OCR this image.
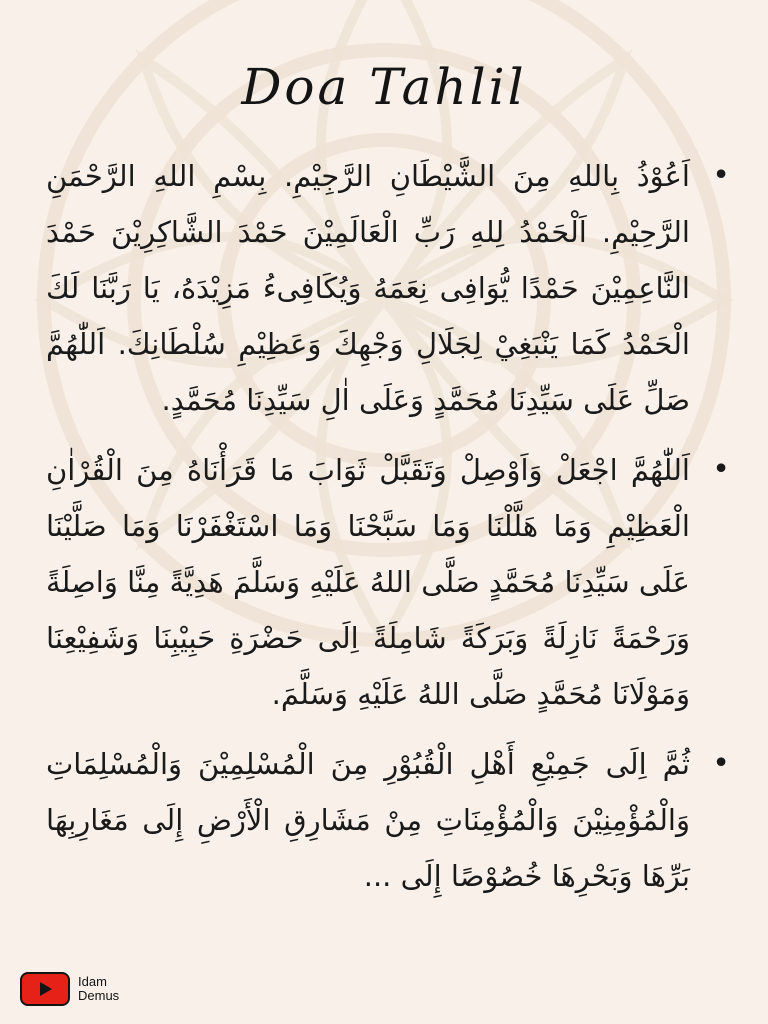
Doa Tahlil
اَعُوْذُ بِاللهِ مِنَ الشَّيْطَانِ الرَّجِيْمِ. بِسْمِ اللهِ الرَّحْمَنِ الرَّحِيْمِ. اَلْحَمْدُ لِلهِ رَبِّ الْعَالَمِيْنَ حَمْدَ الشَّاكِرِيْنَ حَمْدَ النَّاعِمِيْنَ حَمْدًا يُّوَافِى نِعَمَهُ وَيُكَافِىءُ مَزِيْدَهُ، يَا رَبَّنَا لَكَ الْحَمْدُ كَمَا يَنْبَغِيْ لِجَلَالِ وَجْهِكَ وَعَظِيْمِ سُلْطَانِكَ. اَللّٰهُمَّ صَلِّ عَلَى سَيِّدِنَا مُحَمَّدٍ وَعَلَى اٰلِ سَيِّدِنَا مُحَمَّدٍ.
•
اَللّٰهُمَّ اجْعَلْ وَاَوْصِلْ وَتَقَبَّلْ ثَوَابَ مَا قَرَأْنَاهُ مِنَ الْقُرْاٰنِ الْعَظِيْمِ وَمَا هَلَّلْنَا وَمَا سَبَّحْنَا وَمَا اسْتَغْفَرْنَا وَمَا صَلَّيْنَا عَلَى سَيِّدِنَا مُحَمَّدٍ صَلَّى اللهُ عَلَيْهِ وَسَلَّمَ هَدِيَّةً مِنَّا وَاصِلَةً وَرَحْمَةً نَازِلَةً وَبَرَكَةً شَامِلَةً اِلَى حَضْرَةِ حَبِيْبِنَا وَشَفِيْعِنَا وَمَوْلَانَا مُحَمَّدٍ صَلَّى اللهُ عَلَيْهِ وَسَلَّمَ.
•
ثُمَّ اِلَى جَمِيْعِ أَهْلِ الْقُبُوْرِ مِنَ الْمُسْلِمِيْنَ وَالْمُسْلِمَاتِ وَالْمُؤْمِنِيْنَ وَالْمُؤْمِنَاتِ مِنْ مَشَارِقِ الْأَرْضِ إِلَى مَغَارِبِهَا بَرِّهَا وَبَحْرِهَا خُصُوْصًا إِلَى ...
•
Idam
Demus
